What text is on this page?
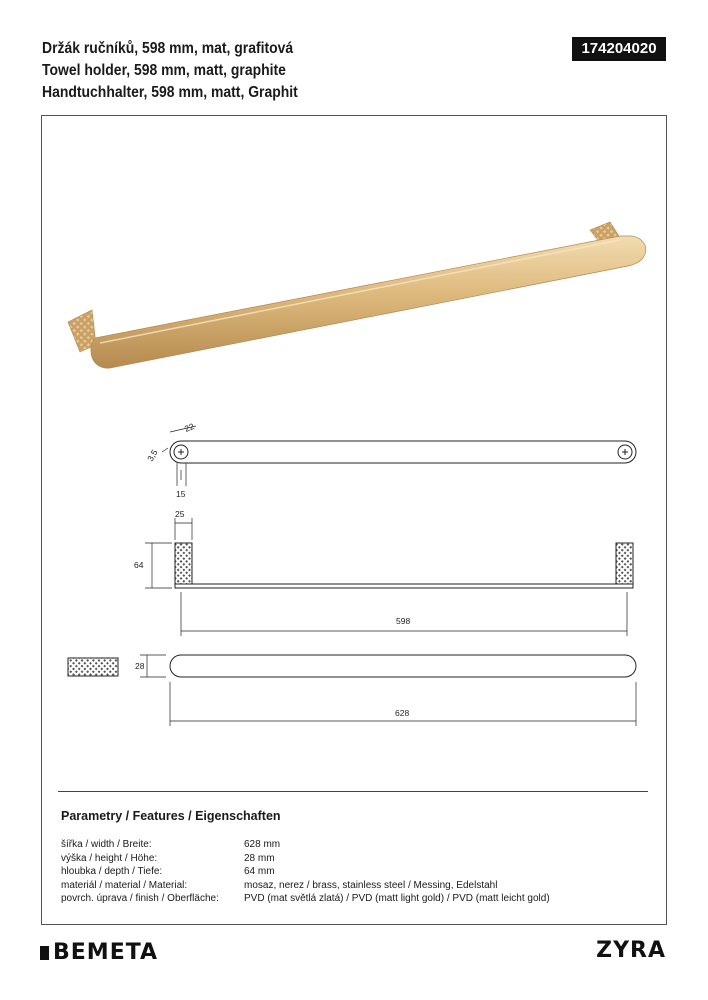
Držák ručníků, 598 mm, mat, grafitová
Towel holder, 598 mm, matt, graphite
Handtuchhalter, 598 mm, matt, Graphit
174204020
22
3,5
15
25
64
598
28
628
Parametry / Features / Eigenschaften
šířka / width / Breite:	628 mm
výška / height / Höhe:	28 mm
hloubka / depth / Tiefe:	64 mm
materiál / material / Material:	mosaz, nerez / brass, stainless steel / Messing, Edelstahl
povrch. úprava / finish / Oberfläche:	PVD (mat světlá zlatá) / PVD (matt light gold) / PVD (matt leicht gold)
BEMETA	ZYRA
